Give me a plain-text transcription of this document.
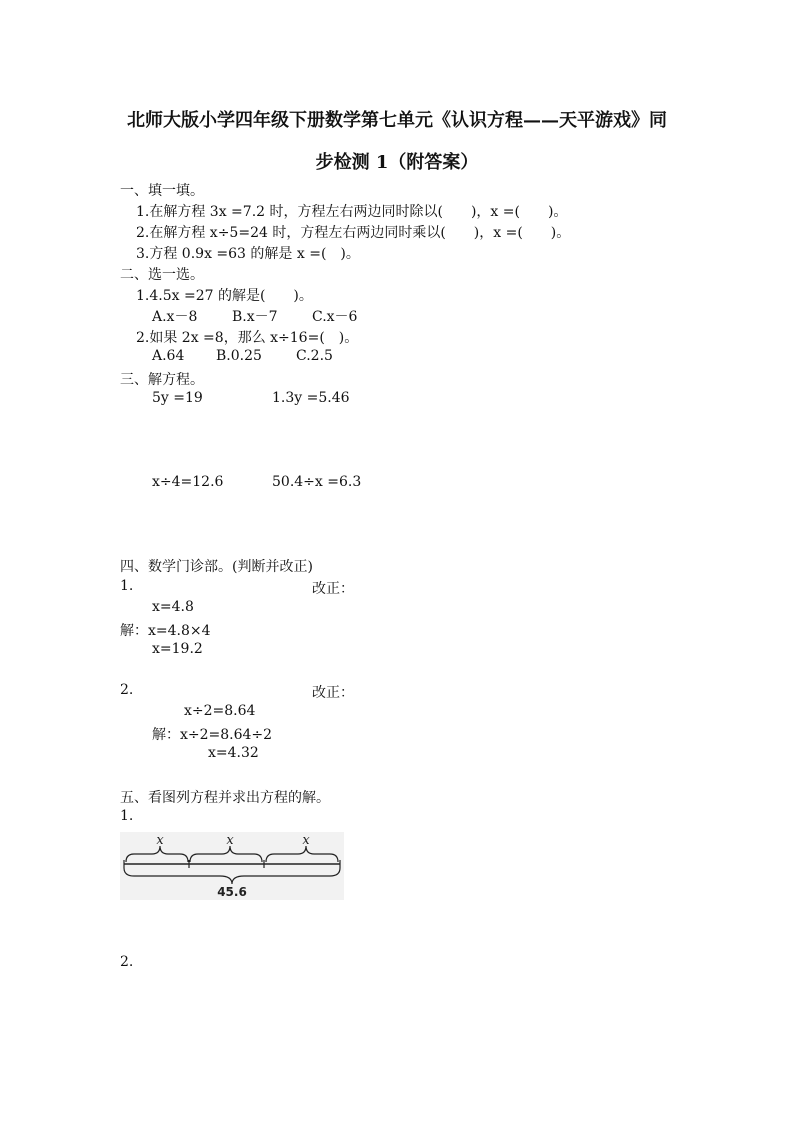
北师大版小学四年级下册数学第七单元《认识方程——天平游戏》同
步检测 1（附答案）
一、填一填。
1.在解方程 3x =7.2 时，方程左右两边同时除以(　　)，x =(　　)。
2.在解方程 x÷5=24 时，方程左右两边同时乘以(　　)，x =(　　)。
3.方程 0.9x =63 的解是 x =(　)。
二、选一选。
1.4.5x =27 的解是(　　)。
A.x－8 B.x－7 C.x－6
2.如果 2x =8，那么 x÷16=(　)。
A.64 B.0.25 C.2.5
三、解方程。
5y =19	1.3y =5.46
x÷4=12.6	50.4÷x =6.3
四、数学门诊部。(判断并改正)
1.	改正：
x=4.8
解：x=4.8×4
x=19.2
2.	改正：
x÷2=8.64
解：x÷2=8.64÷2
x=4.32
五、看图列方程并求出方程的解。
1.
x	x	x
45.6
2.
